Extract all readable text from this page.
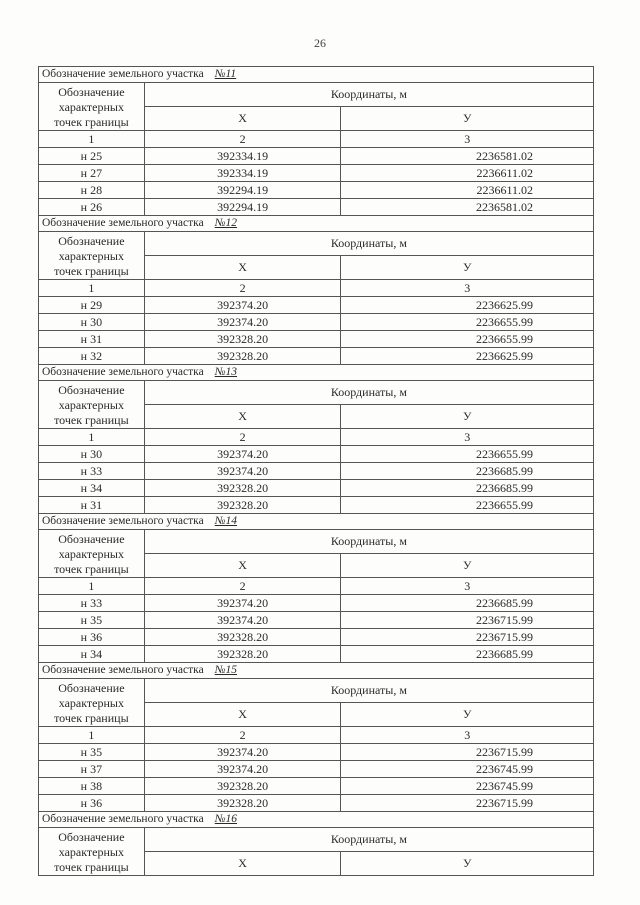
26
Обозначение земельного участка №11
Обозначение
характерных
точек границы	Координаты, м	
	Х	У
1	2	3
н 25	392334.19	2236581.02
н 27	392334.19	2236611.02
н 28	392294.19	2236611.02
н 26	392294.19	2236581.02
Обозначение земельного участка №12
Обозначение
характерных
точек границы	Координаты, м	
	Х	У
1	2	3
н 29	392374.20	2236625.99
н 30	392374.20	2236655.99
н 31	392328.20	2236655.99
н 32	392328.20	2236625.99
Обозначение земельного участка №13
Обозначение
характерных
точек границы	Координаты, м	
	Х	У
1	2	3
н 30	392374.20	2236655.99
н 33	392374.20	2236685.99
н 34	392328.20	2236685.99
н 31	392328.20	2236655.99
Обозначение земельного участка №14
Обозначение
характерных
точек границы	Координаты, м	
	Х	У
1	2	3
н 33	392374.20	2236685.99
н 35	392374.20	2236715.99
н 36	392328.20	2236715.99
н 34	392328.20	2236685.99
Обозначение земельного участка №15
Обозначение
характерных
точек границы	Координаты, м	
	Х	У
1	2	3
н 35	392374.20	2236715.99
н 37	392374.20	2236745.99
н 38	392328.20	2236745.99
н 36	392328.20	2236715.99
Обозначение земельного участка №16
Обозначение
характерных
точек границы	Координаты, м	
	Х	У
